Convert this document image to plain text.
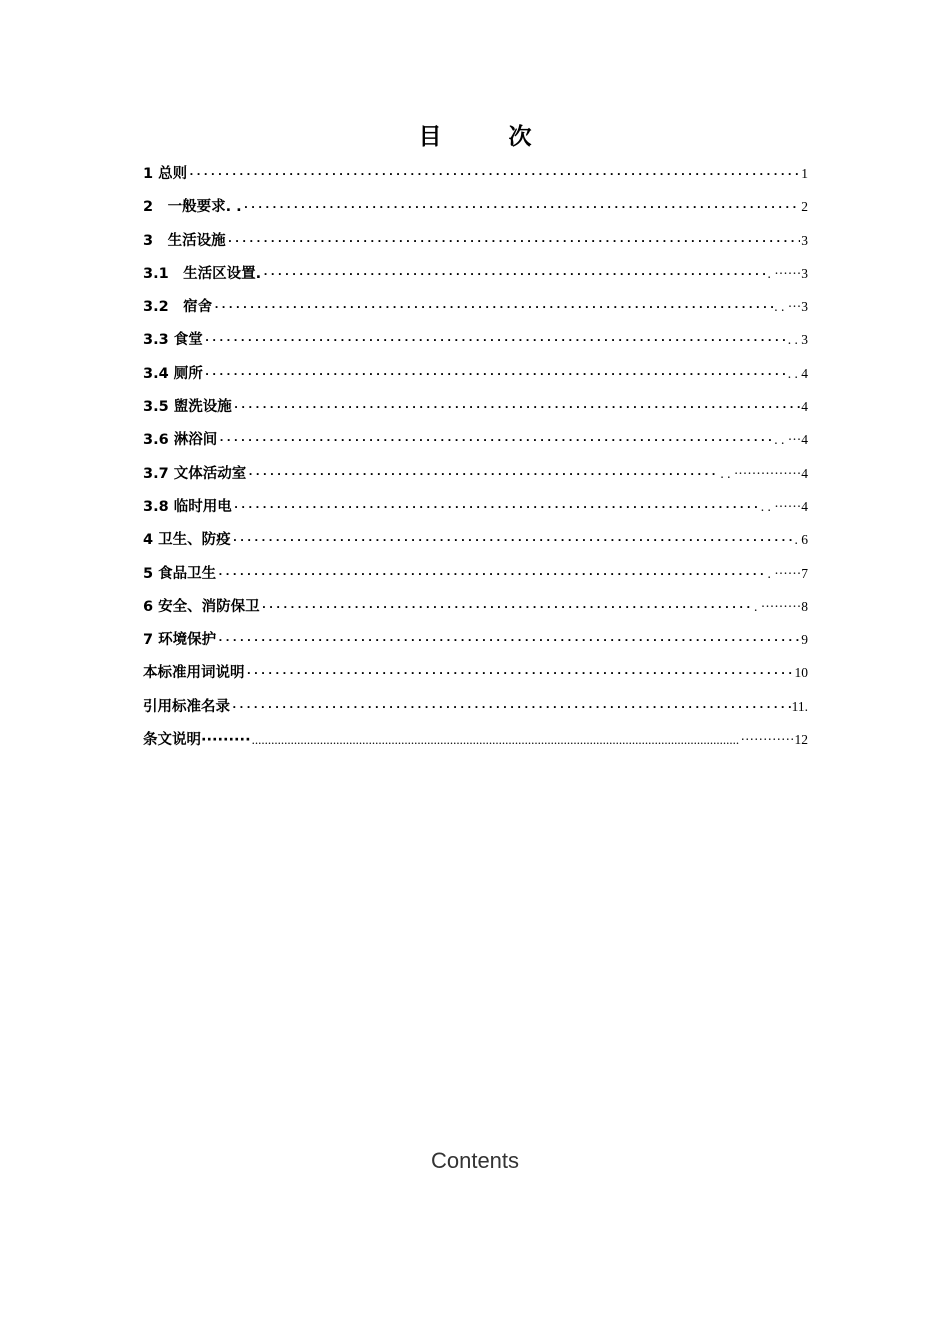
目　次
1 总则 ·····	1
2　一般要求. . ·····	2
3　生活设施 ·····	3
3.1　生活区设置. ·····	. ······3
3.2　宿舍 ·····	. . ···3
3.3 食堂 ·····	. . 3
3.4 厕所 ·····	. . 4
3.5 盥洗设施 ·····	4
3.6 淋浴间 ·····	. . ···4
3.7 文体活动室 ·····	. . ···············4
3.8 临时用电 ·····	. . ······4
4 卫生、防疫 ·····	. 6
5 食品卫生 ·····	. ······7
6 安全、消防保卫 ·····	. ·········8
7 环境保护 ·····	9
本标准用词说明 ·····	10
引用标准名录 ·····	11.
条文说明········· .....	············12
Contents
